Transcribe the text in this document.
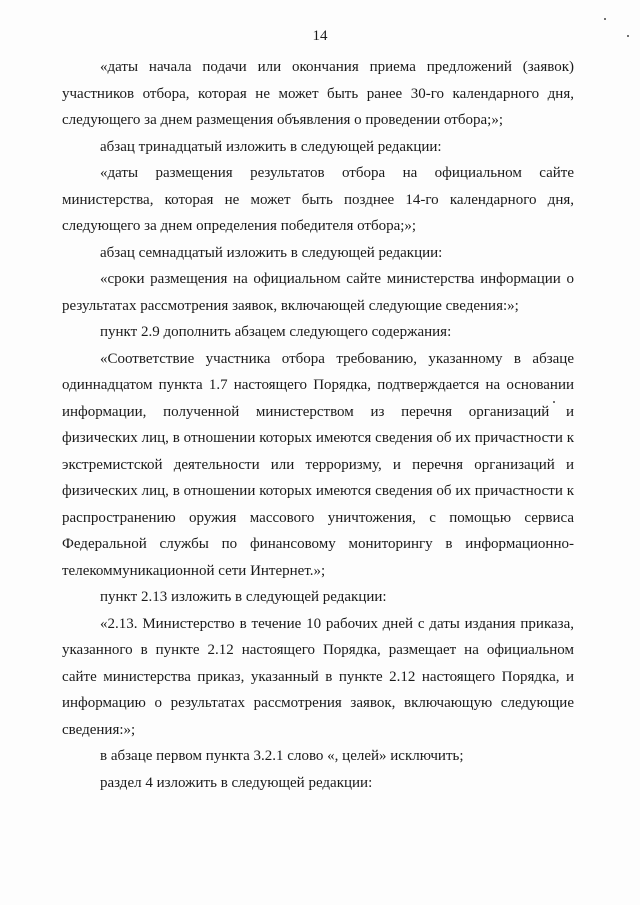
14

«даты начала подачи или окончания приема предложений (заявок) участников отбора, которая не может быть ранее 30-го календарного дня, следующего за днем размещения объявления о проведении отбора;»;

абзац тринадцатый изложить в следующей редакции:

«даты размещения результатов отбора на официальном сайте министерства, которая не может быть позднее 14-го календарного дня, следующего за днем определения победителя отбора;»;

абзац семнадцатый изложить в следующей редакции:

«сроки размещения на официальном сайте министерства информации о результатах рассмотрения заявок, включающей следующие сведения:»;

пункт 2.9 дополнить абзацем следующего содержания:

«Соответствие участника отбора требованию, указанному в абзаце одиннадцатом пункта 1.7 настоящего Порядка, подтверждается на основании информации, полученной министерством из перечня организаций и физических лиц, в отношении которых имеются сведения об их причастности к экстремистской деятельности или терроризму, и перечня организаций и физических лиц, в отношении которых имеются сведения об их причастности к распространению оружия массового уничтожения, с помощью сервиса Федеральной службы по финансовому мониторингу в информационно-телекоммуникационной сети Интернет.»;

пункт 2.13 изложить в следующей редакции:

«2.13. Министерство в течение 10 рабочих дней с даты издания приказа, указанного в пункте 2.12 настоящего Порядка, размещает на официальном сайте министерства приказ, указанный в пункте 2.12 настоящего Порядка, и информацию о результатах рассмотрения заявок, включающую следующие сведения:»;

в абзаце первом пункта 3.2.1 слово «, целей» исключить;

раздел 4 изложить в следующей редакции:
